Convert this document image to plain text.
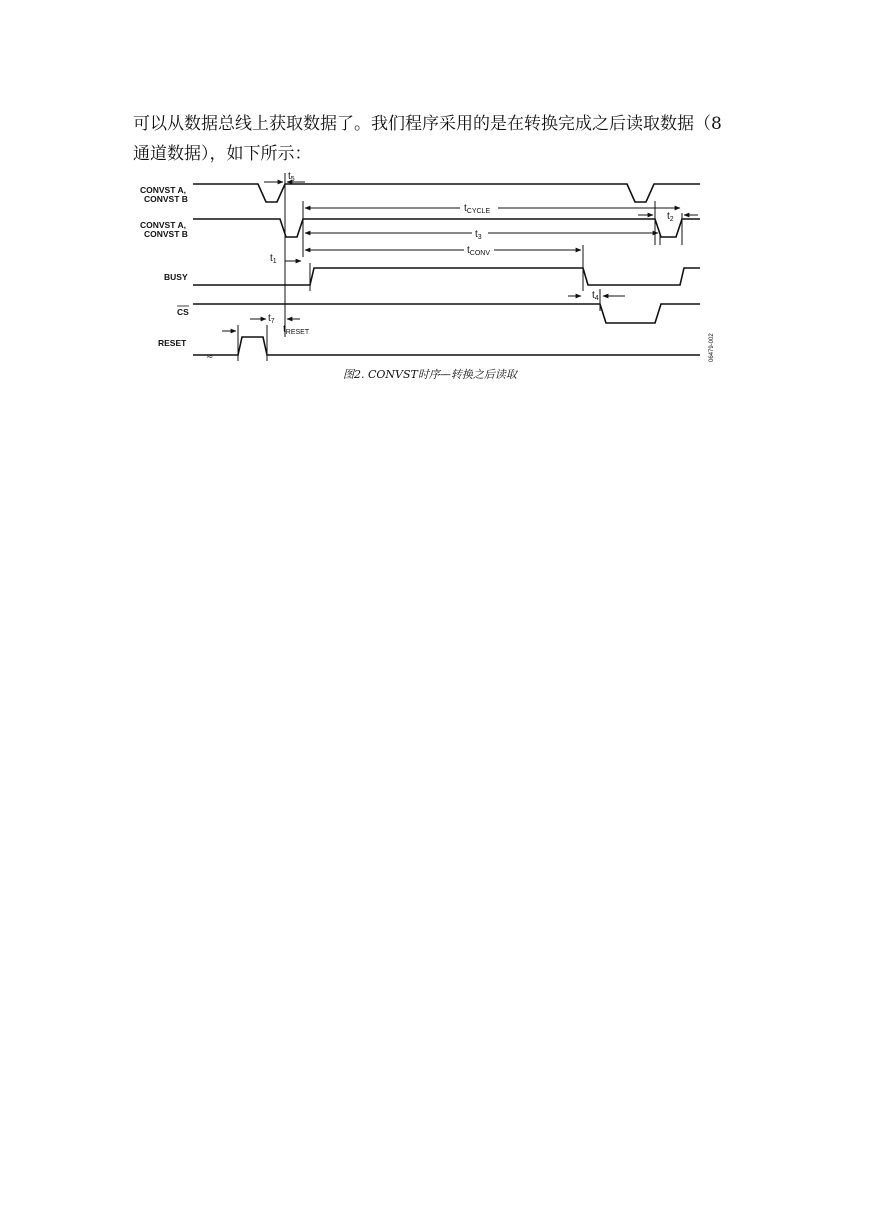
可以从数据总线上获取数据了。我们程序采用的是在转换完成之后读取数据（8
通道数据），如下所示：

CONVST A,
CONVST B
CONVST A,
CONVST B
BUSY
CS
RESET
≈
$t_5$
$t_{CYCLE}$	$t_2$
$t_3$
$t_{CONV}$
$t_1$
$t_4$
$t_7$
$t_{RESET}$
06479-002

图2. CONVST时序—转换之后读取
